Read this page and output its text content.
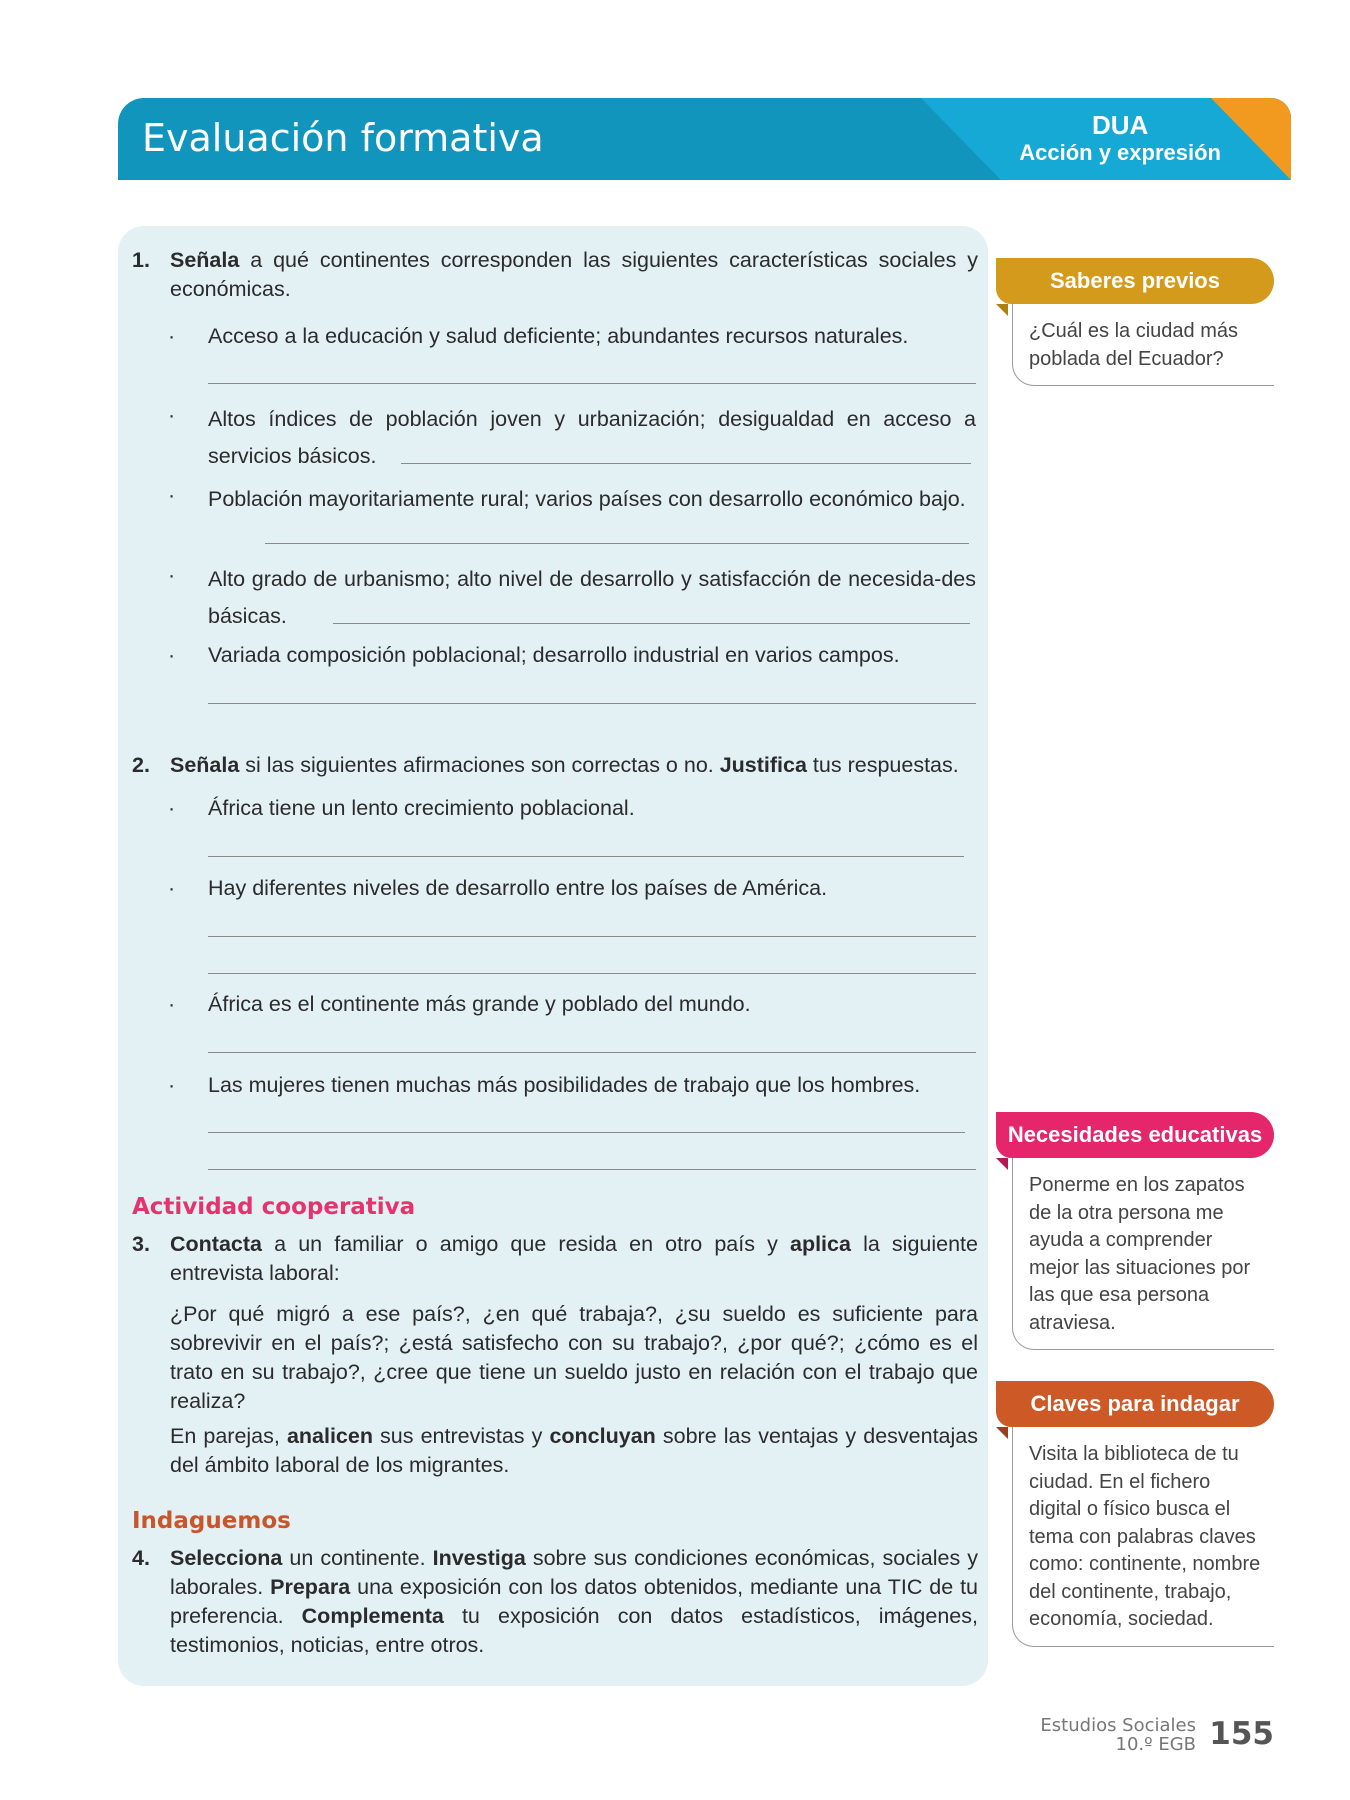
Evaluación formativa	DUA
Acción y expresión
1. Señala a qué continentes corresponden las siguientes características sociales y económicas.
· Acceso a la educación y salud deficiente; abundantes recursos naturales.
· Altos índices de población joven y urbanización; desigualdad en acceso a servicios básicos.
· Población mayoritariamente rural; varios países con desarrollo económico bajo.
· Alto grado de urbanismo; alto nivel de desarrollo y satisfacción de necesida-des básicas.
· Variada composición poblacional; desarrollo industrial en varios campos.
2. Señala si las siguientes afirmaciones son correctas o no. Justifica tus respuestas.
· África tiene un lento crecimiento poblacional.
· Hay diferentes niveles de desarrollo entre los países de América.
· África es el continente más grande y poblado del mundo.
· Las mujeres tienen muchas más posibilidades de trabajo que los hombres.
Actividad cooperativa
3. Contacta a un familiar o amigo que resida en otro país y aplica la siguiente entrevista laboral:
¿Por qué migró a ese país?, ¿en qué trabaja?, ¿su sueldo es suficiente para sobrevivir en el país?; ¿está satisfecho con su trabajo?, ¿por qué?; ¿cómo es el trato en su trabajo?, ¿cree que tiene un sueldo justo en relación con el trabajo que realiza?
En parejas, analicen sus entrevistas y concluyan sobre las ventajas y desventajas del ámbito laboral de los migrantes.
Indaguemos
4. Selecciona un continente. Investiga sobre sus condiciones económicas, sociales y laborales. Prepara una exposición con los datos obtenidos, mediante una TIC de tu preferencia. Complementa tu exposición con datos estadísticos, imágenes, testimonios, noticias, entre otros.
Saberes previos
¿Cuál es la ciudad más poblada del Ecuador?
Necesidades educativas
Ponerme en los zapatos de la otra persona me ayuda a comprender mejor las situaciones por las que esa persona atraviesa.
Claves para indagar
Visita la biblioteca de tu ciudad. En el fichero digital o físico busca el tema con palabras claves como: continente, nombre del continente, trabajo, economía, sociedad.
Estudios Sociales
10.º EGB 155
